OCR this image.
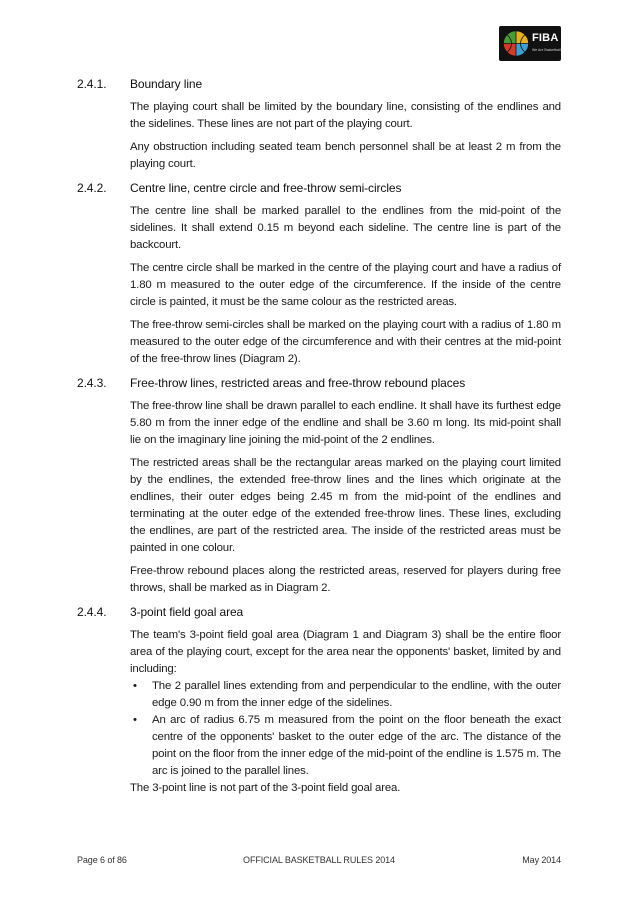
FIBA
We Are Basketball
2.4.1.	Boundary line

The playing court shall be limited by the boundary line, consisting of the endlines and the sidelines. These lines are not part of the playing court.

Any obstruction including seated team bench personnel shall be at least 2 m from the playing court.

2.4.2.	Centre line, centre circle and free-throw semi-circles

The centre line shall be marked parallel to the endlines from the mid-point of the sidelines. It shall extend 0.15 m beyond each sideline. The centre line is part of the backcourt.

The centre circle shall be marked in the centre of the playing court and have a radius of 1.80 m measured to the outer edge of the circumference. If the inside of the centre circle is painted, it must be the same colour as the restricted areas.

The free-throw semi-circles shall be marked on the playing court with a radius of 1.80 m measured to the outer edge of the circumference and with their centres at the mid-point of the free-throw lines (Diagram 2).

2.4.3.	Free-throw lines, restricted areas and free-throw rebound places

The free-throw line shall be drawn parallel to each endline. It shall have its furthest edge 5.80 m from the inner edge of the endline and shall be 3.60 m long. Its mid-point shall lie on the imaginary line joining the mid-point of the 2 endlines.

The restricted areas shall be the rectangular areas marked on the playing court limited by the endlines, the extended free-throw lines and the lines which originate at the endlines, their outer edges being 2.45 m from the mid-point of the endlines and terminating at the outer edge of the extended free-throw lines. These lines, excluding the endlines, are part of the restricted area. The inside of the restricted areas must be painted in one colour.

Free-throw rebound places along the restricted areas, reserved for players during free throws, shall be marked as in Diagram 2.

2.4.4.	3-point field goal area

The team's 3-point field goal area (Diagram 1 and Diagram 3) shall be the entire floor area of the playing court, except for the area near the opponents' basket, limited by and including:

• The 2 parallel lines extending from and perpendicular to the endline, with the outer edge 0.90 m from the inner edge of the sidelines.
• An arc of radius 6.75 m measured from the point on the floor beneath the exact centre of the opponents' basket to the outer edge of the arc. The distance of the point on the floor from the inner edge of the mid-point of the endline is 1.575 m. The arc is joined to the parallel lines.

The 3-point line is not part of the 3-point field goal area.

Page 6 of 86	OFFICIAL BASKETBALL RULES 2014	May 2014
